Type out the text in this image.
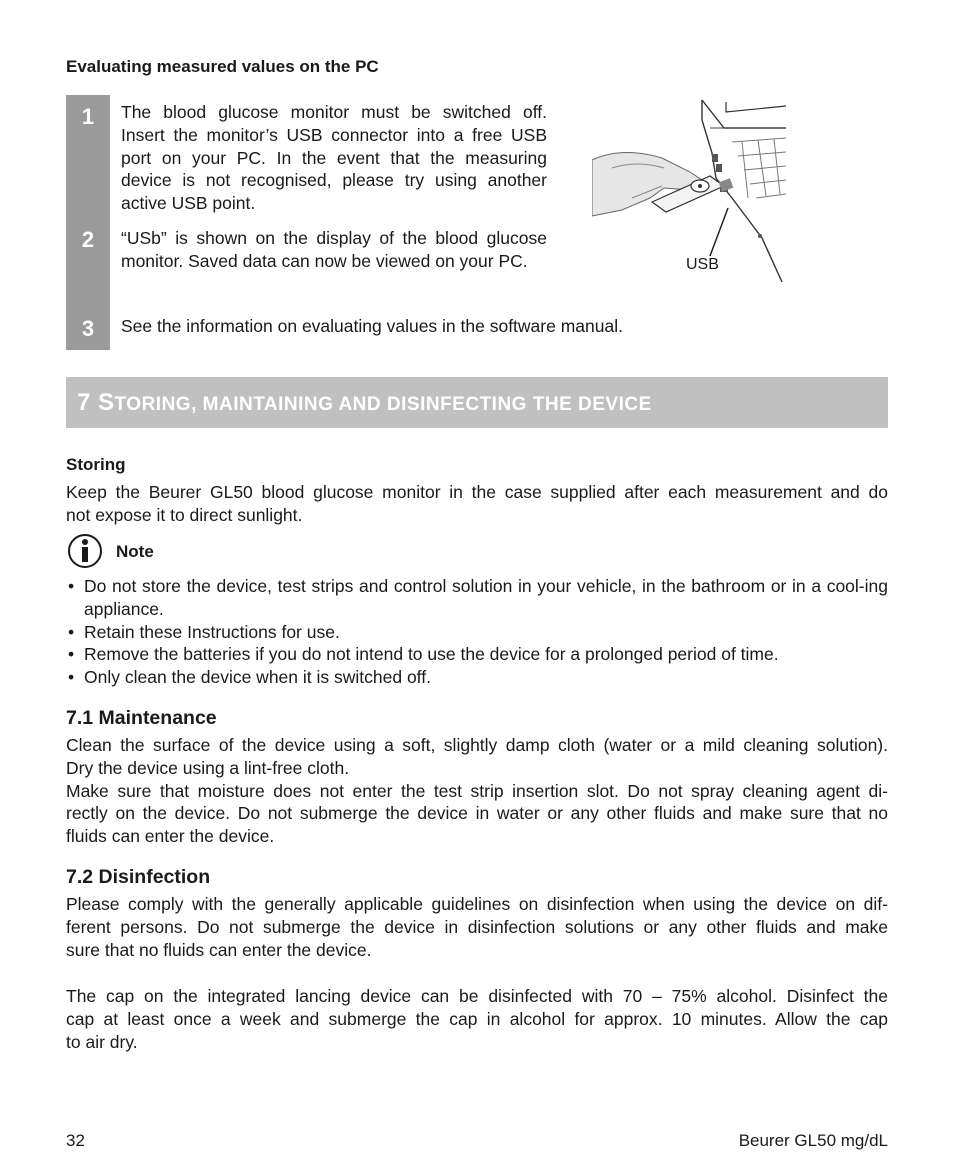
Evaluating measured values on the PC
1
2
3
The blood glucose monitor must be switched off.
Insert the monitor’s USB connector into a free USB
port on your PC. In the event that the measuring
device is not recognised, please try using another
active USB point.
“USb” is shown on the display of the blood glucose
monitor. Saved data can now be viewed on your PC.
See the information on evaluating values in the software manual.
USB
7 STORING, MAINTAINING AND DISINFECTING THE DEVICE
Storing
Keep the Beurer GL50 blood glucose monitor in the case supplied after each measurement and do
not expose it to direct sunlight.
Note
• Do not store the device, test strips and control solution in your vehicle, in the bathroom or in a cool-ing appliance.
• Retain these Instructions for use.
• Remove the batteries if you do not intend to use the device for a prolonged period of time.
• Only clean the device when it is switched off.
7.1 Maintenance
Clean the surface of the device using a soft, slightly damp cloth (water or a mild cleaning solution).
Dry the device using a lint-free cloth.
Make sure that moisture does not enter the test strip insertion slot. Do not spray cleaning agent di-
rectly on the device. Do not submerge the device in water or any other fluids and make sure that no
fluids can enter the device.
7.2 Disinfection
Please comply with the generally applicable guidelines on disinfection when using the device on dif-
ferent persons. Do not submerge the device in disinfection solutions or any other fluids and make
sure that no fluids can enter the device.
The cap on the integrated lancing device can be disinfected with 70 – 75% alcohol. Disinfect the
cap at least once a week and submerge the cap in alcohol for approx. 10 minutes. Allow the cap
to air dry.
32	Beurer GL50 mg/dL
